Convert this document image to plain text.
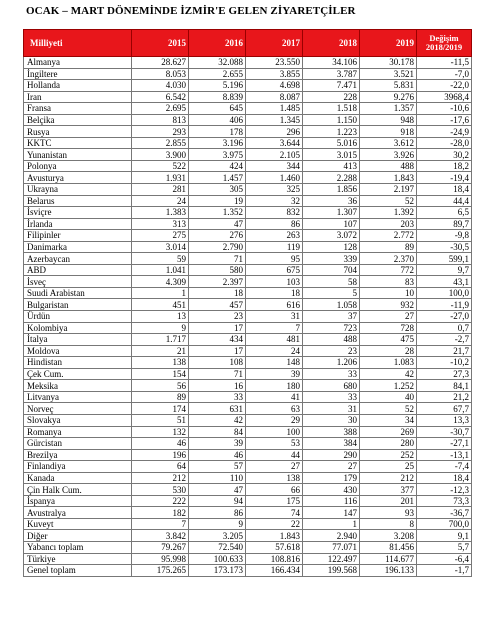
OCAK – MART DÖNEMİNDE İZMİR'E GELEN ZİYARETÇİLER
Milliyeti	2015	2016	2017	2018	2019	Değişim 2018/2019
Almanya	28.627	32.088	23.550	34.106	30.178	-11,5
İngiltere	8.053	2.655	3.855	3.787	3.521	-7,0
Hollanda	4.030	5.196	4.698	7.471	5.831	-22,0
Iran	6.542	8.839	8.087	228	9.276	3968,4
Fransa	2.695	645	1.485	1.518	1.357	-10,6
Belçika	813	406	1.345	1.150	948	-17,6
Rusya	293	178	296	1.223	918	-24,9
KKTC	2.855	3.196	3.644	5.016	3.612	-28,0
Yunanistan	3.900	3.975	2.105	3.015	3.926	30,2
Polonya	522	424	344	413	488	18,2
Avusturya	1.931	1.457	1.460	2.288	1.843	-19,4
Ukrayna	281	305	325	1.856	2.197	18,4
Belarus	24	19	32	36	52	44,4
İsviçre	1.383	1.352	832	1.307	1.392	6,5
İrlanda	313	47	86	107	203	89,7
Filipinler	275	276	263	3.072	2.772	-9,8
Danimarka	3.014	2.790	119	128	89	-30,5
Azerbaycan	59	71	95	339	2.370	599,1
ABD	1.041	580	675	704	772	9,7
İsveç	4.309	2.397	103	58	83	43,1
Suudi Arabistan	1	18	18	5	10	100,0
Bulgaristan	451	457	616	1.058	932	-11,9
Ürdün	13	23	31	37	27	-27,0
Kolombiya	9	17	7	723	728	0,7
İtalya	1.717	434	481	488	475	-2,7
Moldova	21	17	24	23	28	21,7
Hindistan	138	108	148	1.206	1.083	-10,2
Çek Cum.	154	71	39	33	42	27,3
Meksika	56	16	180	680	1.252	84,1
Litvanya	89	33	41	33	40	21,2
Norveç	174	631	63	31	52	67,7
Slovakya	51	42	29	30	34	13,3
Romanya	132	84	100	388	269	-30,7
Gürcistan	46	39	53	384	280	-27,1
Brezilya	196	46	44	290	252	-13,1
Finlandiya	64	57	27	27	25	-7,4
Kanada	212	110	138	179	212	18,4
Çin Halk Cum.	530	47	66	430	377	-12,3
İspanya	222	94	175	116	201	73,3
Avustralya	182	86	74	147	93	-36,7
Kuveyt	7	9	22	1	8	700,0
Diğer	3.842	3.205	1.843	2.940	3.208	9,1
Yabancı toplam	79.267	72.540	57.618	77.071	81.456	5,7
Türkiye	95.998	100.633	108.816	122.497	114.677	-6,4
Genel toplam	175.265	173.173	166.434	199.568	196.133	-1,7
